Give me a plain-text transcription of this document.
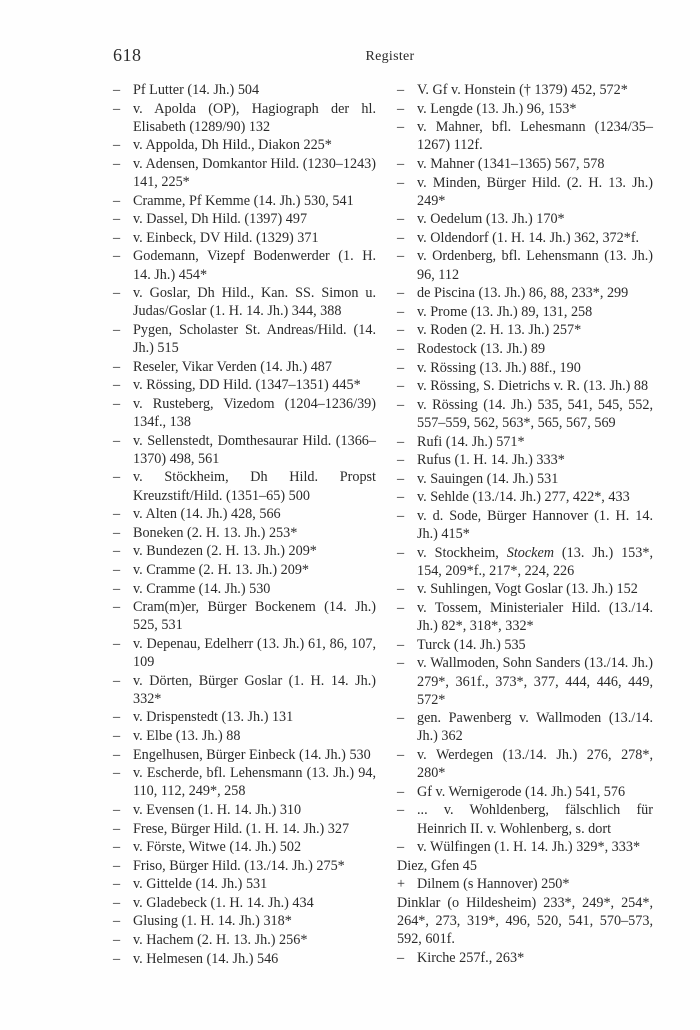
618	Register
– Pf Lutter (14. Jh.) 504
– v. Apolda (OP), Hagiograph der hl. Elisabeth (1289/90) 132
– v. Appolda, Dh Hild., Diakon 225*
– v. Adensen, Domkantor Hild. (1230–1243) 141, 225*
– Cramme, Pf Kemme (14. Jh.) 530, 541
– v. Dassel, Dh Hild. (1397) 497
– v. Einbeck, DV Hild. (1329) 371
– Godemann, Vizepf Bodenwerder (1. H. 14. Jh.) 454*
– v. Goslar, Dh Hild., Kan. SS. Simon u. Judas/Goslar (1. H. 14. Jh.) 344, 388
– Pygen, Scholaster St. Andreas/Hild. (14. Jh.) 515
– Reseler, Vikar Verden (14. Jh.) 487
– v. Rössing, DD Hild. (1347–1351) 445*
– v. Rusteberg, Vizedom (1204–1236/39) 134f., 138
– v. Sellenstedt, Domthesaurar Hild. (1366–1370) 498, 561
– v. Stöckheim, Dh Hild. Propst Kreuzstift/Hild. (1351–65) 500
– v. Alten (14. Jh.) 428, 566
– Boneken (2. H. 13. Jh.) 253*
– v. Bundezen (2. H. 13. Jh.) 209*
– v. Cramme (2. H. 13. Jh.) 209*
– v. Cramme (14. Jh.) 530
– Cram(m)er, Bürger Bockenem (14. Jh.) 525, 531
– v. Depenau, Edelherr (13. Jh.) 61, 86, 107, 109
– v. Dörten, Bürger Goslar (1. H. 14. Jh.) 332*
– v. Drispenstedt (13. Jh.) 131
– v. Elbe (13. Jh.) 88
– Engelhusen, Bürger Einbeck (14. Jh.) 530
– v. Escherde, bfl. Lehensmann (13. Jh.) 94, 110, 112, 249*, 258
– v. Evensen (1. H. 14. Jh.) 310
– Frese, Bürger Hild. (1. H. 14. Jh.) 327
– v. Förste, Witwe (14. Jh.) 502
– Friso, Bürger Hild. (13./14. Jh.) 275*
– v. Gittelde (14. Jh.) 531
– v. Gladebeck (1. H. 14. Jh.) 434
– Glusing (1. H. 14. Jh.) 318*
– v. Hachem (2. H. 13. Jh.) 256*
– v. Helmesen (14. Jh.) 546
– V. Gf v. Honstein († 1379) 452, 572*
– v. Lengde (13. Jh.) 96, 153*
– v. Mahner, bfl. Lehesmann (1234/35–1267) 112f.
– v. Mahner (1341–1365) 567, 578
– v. Minden, Bürger Hild. (2. H. 13. Jh.) 249*
– v. Oedelum (13. Jh.) 170*
– v. Oldendorf (1. H. 14. Jh.) 362, 372*f.
– v. Ordenberg, bfl. Lehensmann (13. Jh.) 96, 112
– de Piscina (13. Jh.) 86, 88, 233*, 299
– v. Prome (13. Jh.) 89, 131, 258
– v. Roden (2. H. 13. Jh.) 257*
– Rodestock (13. Jh.) 89
– v. Rössing (13. Jh.) 88f., 190
– v. Rössing, S. Dietrichs v. R. (13. Jh.) 88
– v. Rössing (14. Jh.) 535, 541, 545, 552, 557–559, 562, 563*, 565, 567, 569
– Rufi (14. Jh.) 571*
– Rufus (1. H. 14. Jh.) 333*
– v. Sauingen (14. Jh.) 531
– v. Sehlde (13./14. Jh.) 277, 422*, 433
– v. d. Sode, Bürger Hannover (1. H. 14. Jh.) 415*
– v. Stockheim, Stockem (13. Jh.) 153*, 154, 209*f., 217*, 224, 226
– v. Suhlingen, Vogt Goslar (13. Jh.) 152
– v. Tossem, Ministerialer Hild. (13./14. Jh.) 82*, 318*, 332*
– Turck (14. Jh.) 535
– v. Wallmoden, Sohn Sanders (13./14. Jh.) 279*, 361f., 373*, 377, 444, 446, 449, 572*
– gen. Pawenberg v. Wallmoden (13./14. Jh.) 362
– v. Werdegen (13./14. Jh.) 276, 278*, 280*
– Gf v. Wernigerode (14. Jh.) 541, 576
– ... v. Wohldenberg, fälschlich für Heinrich II. v. Wohlenberg, s. dort
– v. Wülfingen (1. H. 14. Jh.) 329*, 333*
Diez, Gfen 45
+ Dilnem (s Hannover) 250*
Dinklar (o Hildesheim) 233*, 249*, 254*, 264*, 273, 319*, 496, 520, 541, 570–573, 592, 601f.
– Kirche 257f., 263*
